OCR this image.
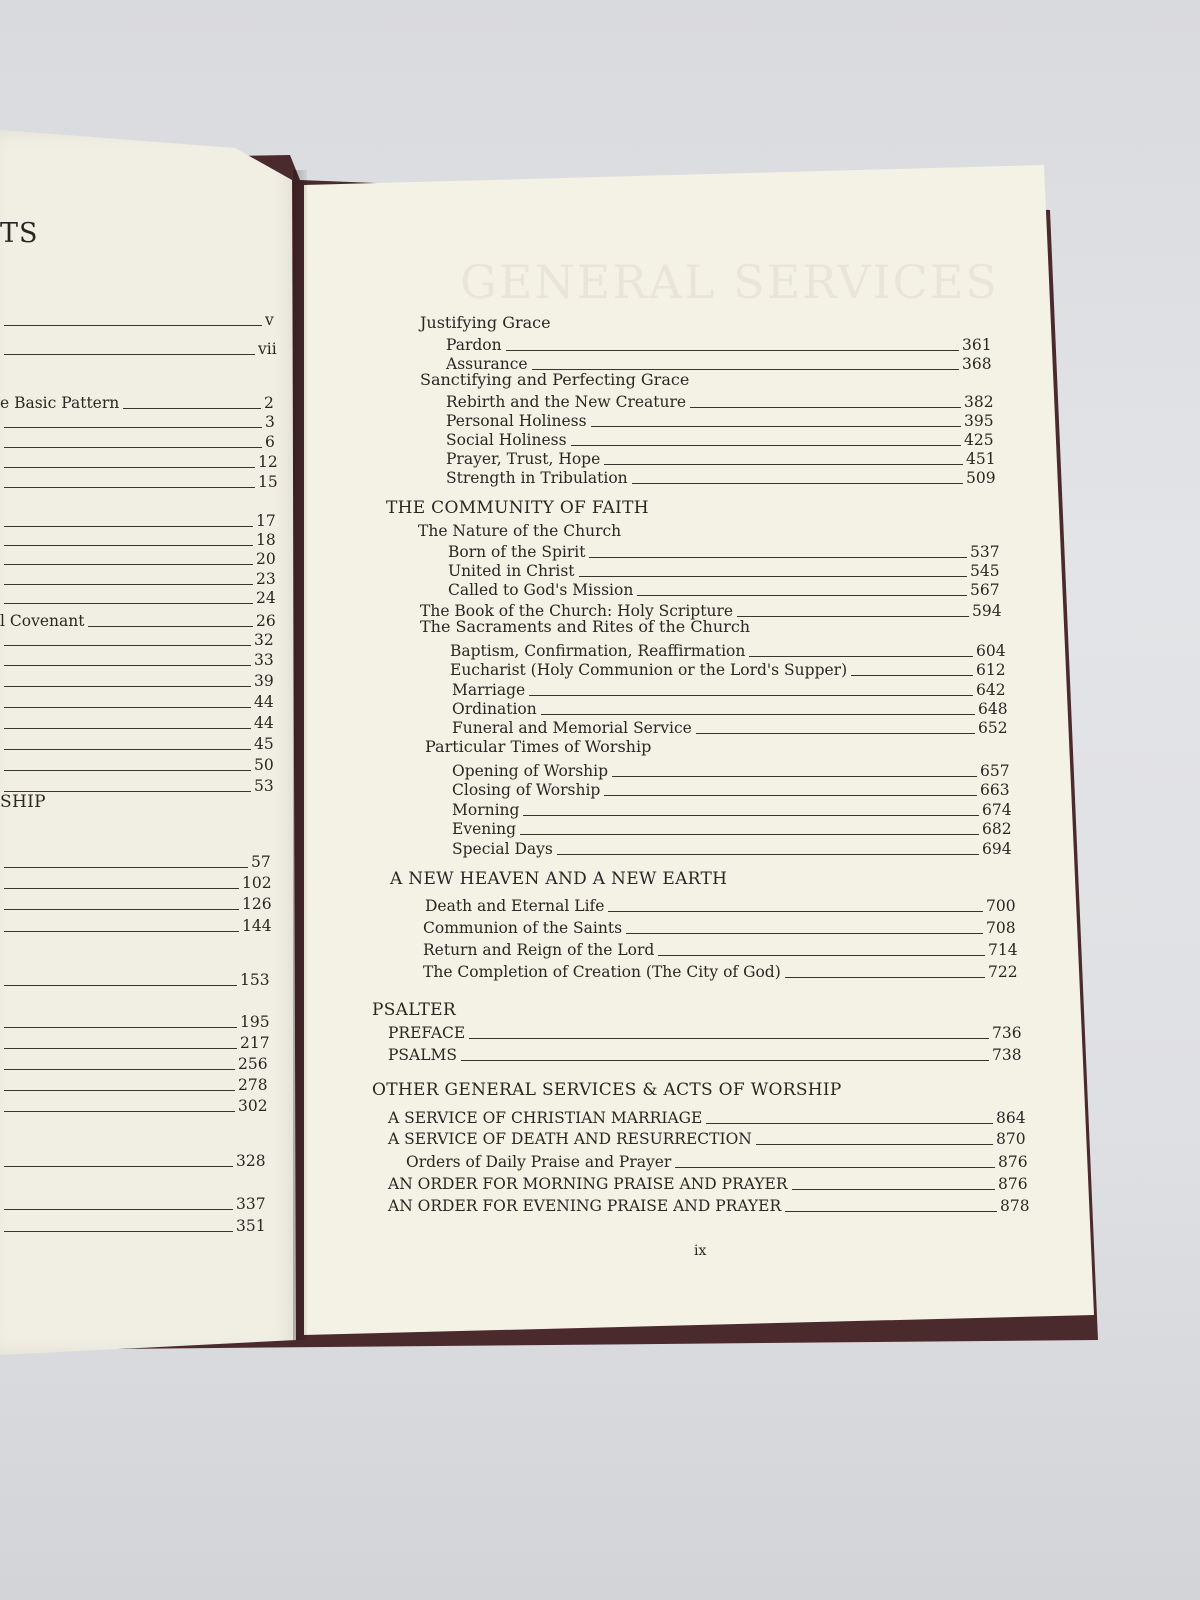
GENERAL SERVICES
TS
v
vii
e Basic Pattern	2
3
6
12
15
17
18
20
23
24
l Covenant	26
32
33
39
44
44
45
50
53
57
102
126
144
153
195
217
256
278
302
328
337
351
SHIP
THE COMMUNITY OF FAITH
A NEW HEAVEN AND A NEW EARTH
PSALTER
OTHER GENERAL SERVICES & ACTS OF WORSHIP
Justifying Grace
Sanctifying and Perfecting Grace
The Sacraments and Rites of the Church
Particular Times of Worship
Pardon	361
Assurance	368
Rebirth and the New Creature	382
Personal Holiness	395
Social Holiness	425
Prayer, Trust, Hope	451
Strength in Tribulation	509
The Nature of the Church
Born of the Spirit	537
United in Christ	545
Called to God's Mission	567
The Book of the Church: Holy Scripture	594
Baptism, Confirmation, Reaffirmation	604
Eucharist (Holy Communion or the Lord's Supper)	612
Marriage	642
Ordination	648
Funeral and Memorial Service	652
Opening of Worship	657
Closing of Worship	663
Morning	674
Evening	682
Special Days	694
Death and Eternal Life	700
Communion of the Saints	708
Return and Reign of the Lord	714
The Completion of Creation (The City of God)	722
PREFACE	736
PSALMS	738
A SERVICE OF CHRISTIAN MARRIAGE	864
A SERVICE OF DEATH AND RESURRECTION	870
Orders of Daily Praise and Prayer	876
AN ORDER FOR MORNING PRAISE AND PRAYER	876
AN ORDER FOR EVENING PRAISE AND PRAYER	878
ix
